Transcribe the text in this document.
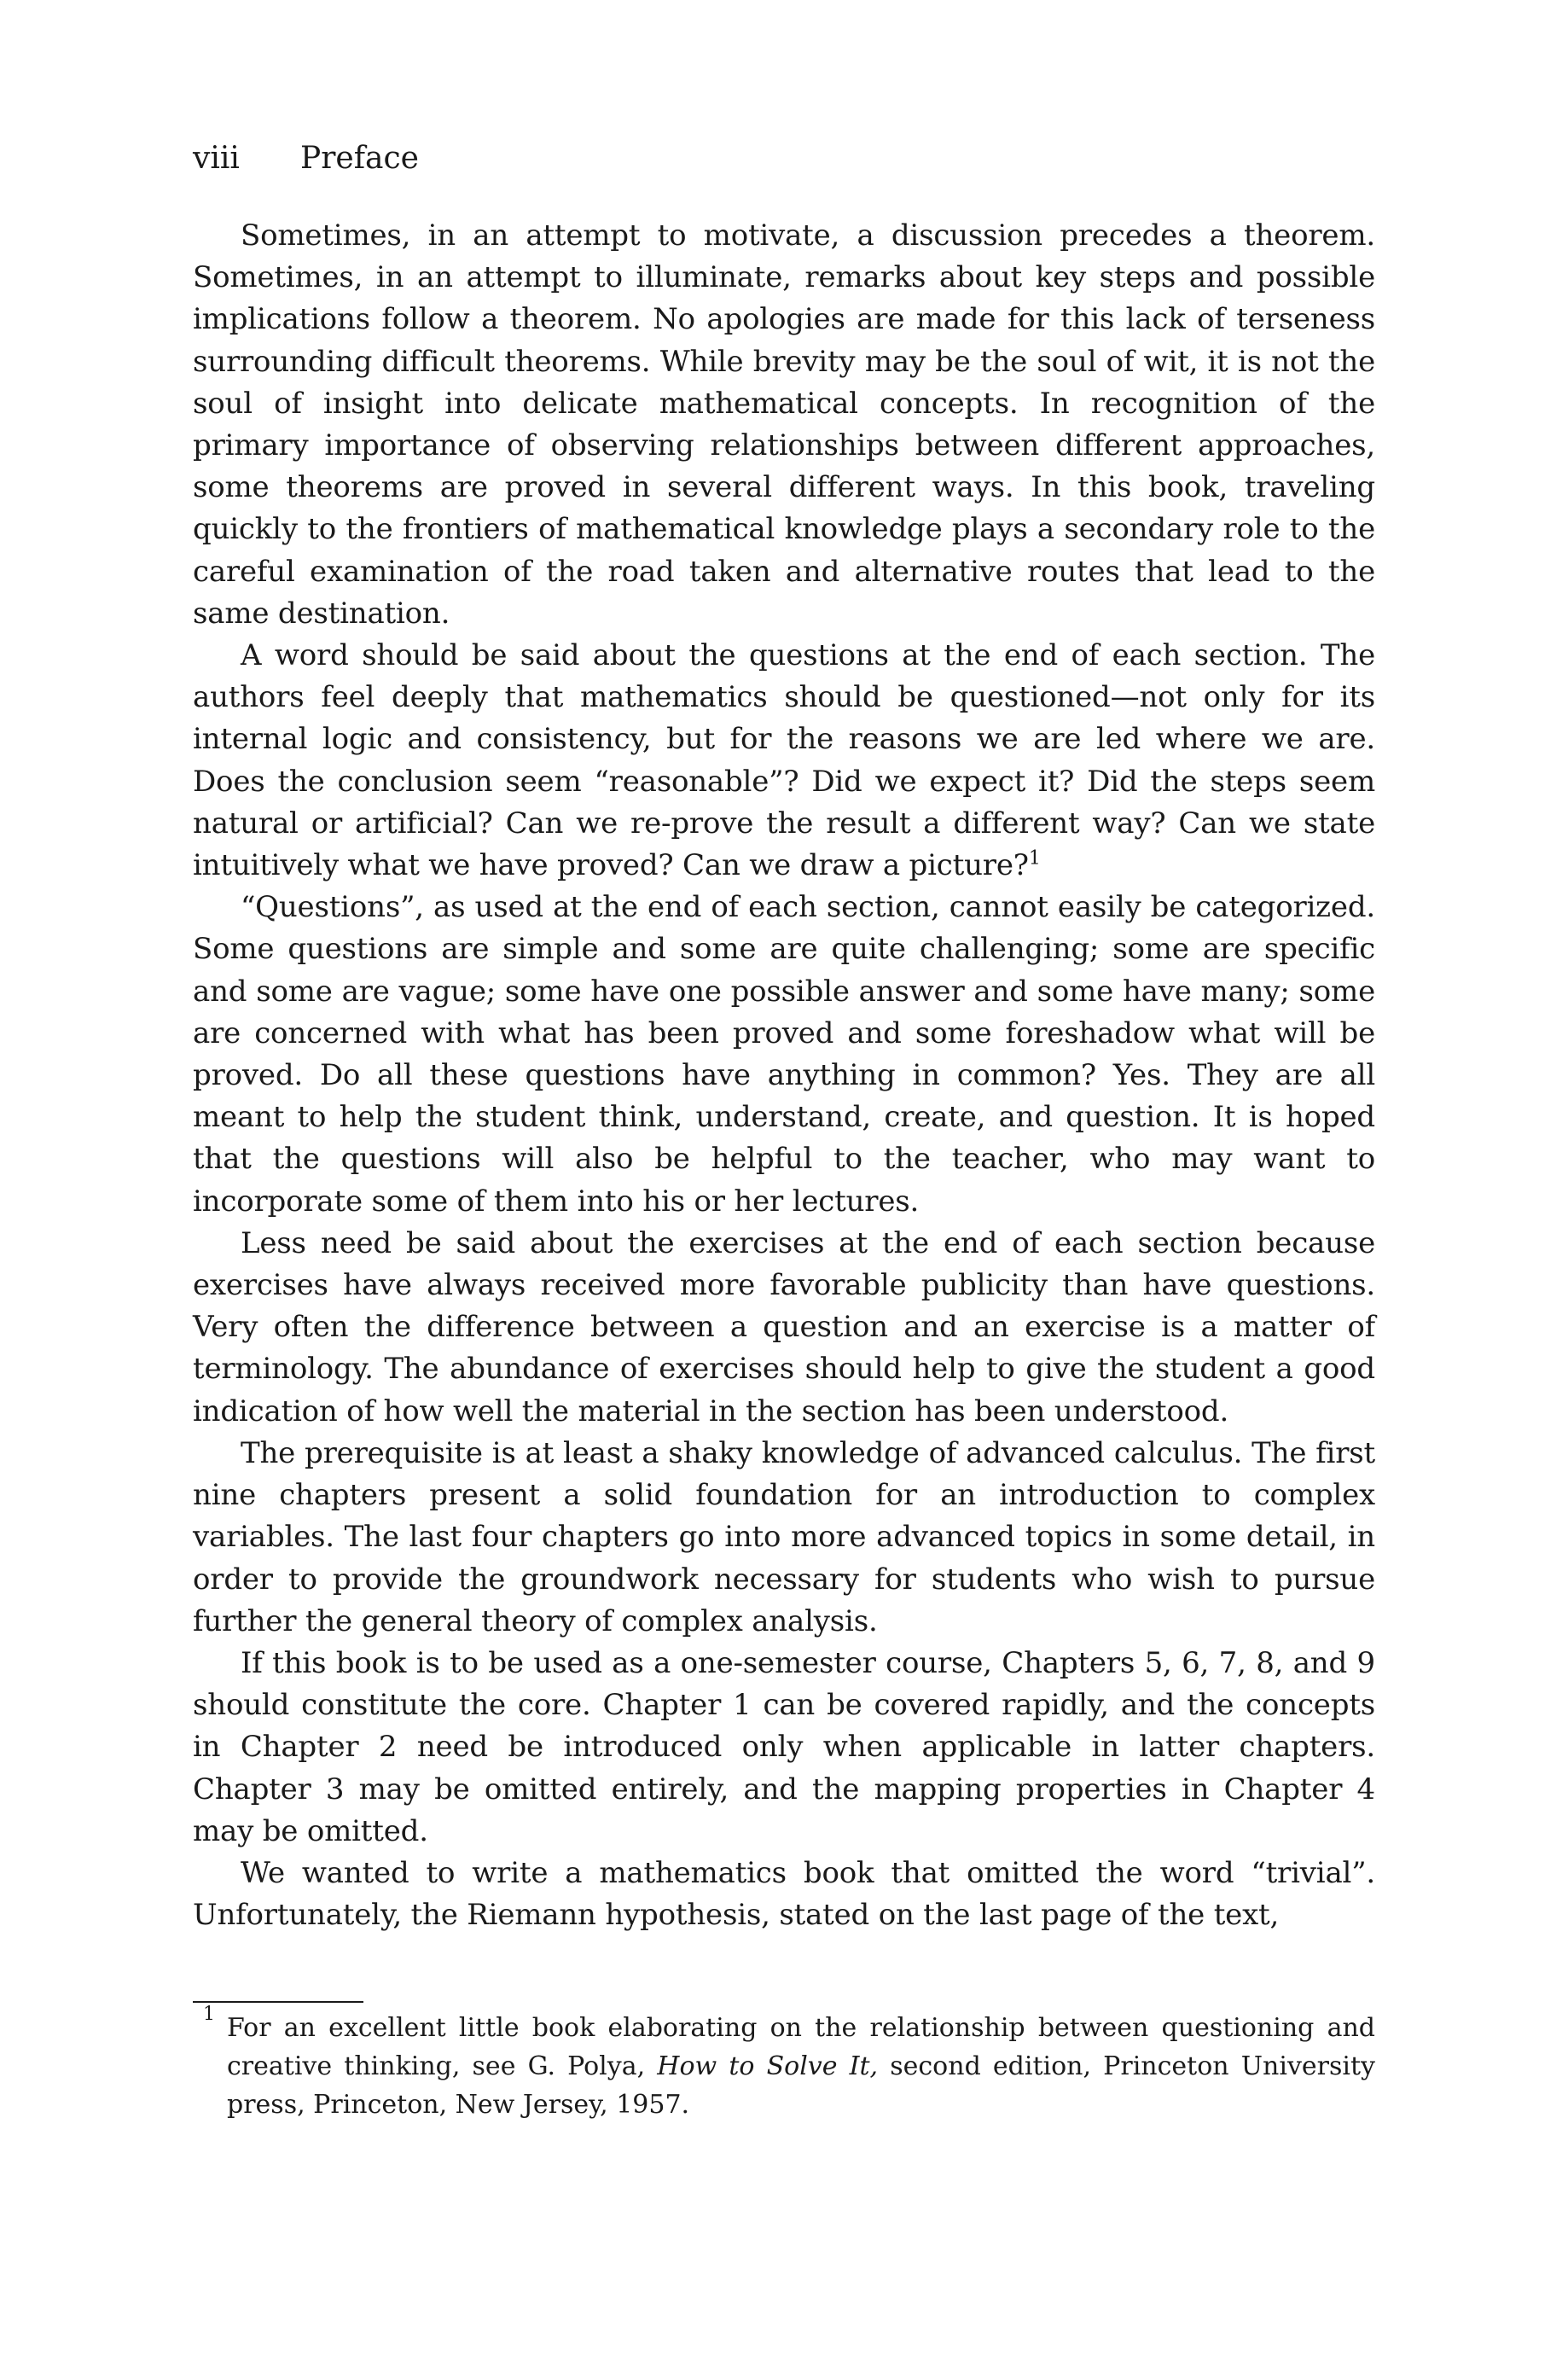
viii Preface

Sometimes, in an attempt to motivate, a discussion precedes a theorem. Sometimes, in an attempt to illuminate, remarks about key steps and possible implications follow a theorem. No apologies are made for this lack of terseness surrounding difficult theorems. While brevity may be the soul of wit, it is not the soul of insight into delicate mathematical concepts. In recognition of the primary importance of observing relationships between different approaches, some theorems are proved in several different ways. In this book, traveling quickly to the frontiers of mathematical knowledge plays a secondary role to the careful examination of the road taken and alternative routes that lead to the same destination.

A word should be said about the questions at the end of each section. The authors feel deeply that mathematics should be questioned—not only for its internal logic and consistency, but for the reasons we are led where we are. Does the conclusion seem “reasonable”? Did we expect it? Did the steps seem natural or artificial? Can we re-prove the result a different way? Can we state intuitively what we have proved? Can we draw a picture?$^1$

“Questions”, as used at the end of each section, cannot easily be categorized. Some questions are simple and some are quite challenging; some are specific and some are vague; some have one possible answer and some have many; some are concerned with what has been proved and some foreshadow what will be proved. Do all these questions have anything in common? Yes. They are all meant to help the student think, understand, create, and question. It is hoped that the questions will also be helpful to the teacher, who may want to incorporate some of them into his or her lectures.

Less need be said about the exercises at the end of each section because exercises have always received more favorable publicity than have questions. Very often the difference between a question and an exercise is a matter of terminology. The abundance of exercises should help to give the student a good indication of how well the material in the section has been understood.

The prerequisite is at least a shaky knowledge of advanced calculus. The first nine chapters present a solid foundation for an introduction to complex variables. The last four chapters go into more advanced topics in some detail, in order to provide the groundwork necessary for students who wish to pursue further the general theory of complex analysis.

If this book is to be used as a one-semester course, Chapters 5, 6, 7, 8, and 9 should constitute the core. Chapter 1 can be covered rapidly, and the concepts in Chapter 2 need be introduced only when applicable in latter chapters. Chapter 3 may be omitted entirely, and the mapping properties in Chapter 4 may be omitted.

We wanted to write a mathematics book that omitted the word “trivial”. Unfortunately, the Riemann hypothesis, stated on the last page of the text,

1 For an excellent little book elaborating on the relationship between questioning and creative thinking, see G. Polya, How to Solve It, second edition, Princeton University press, Princeton, New Jersey, 1957.
